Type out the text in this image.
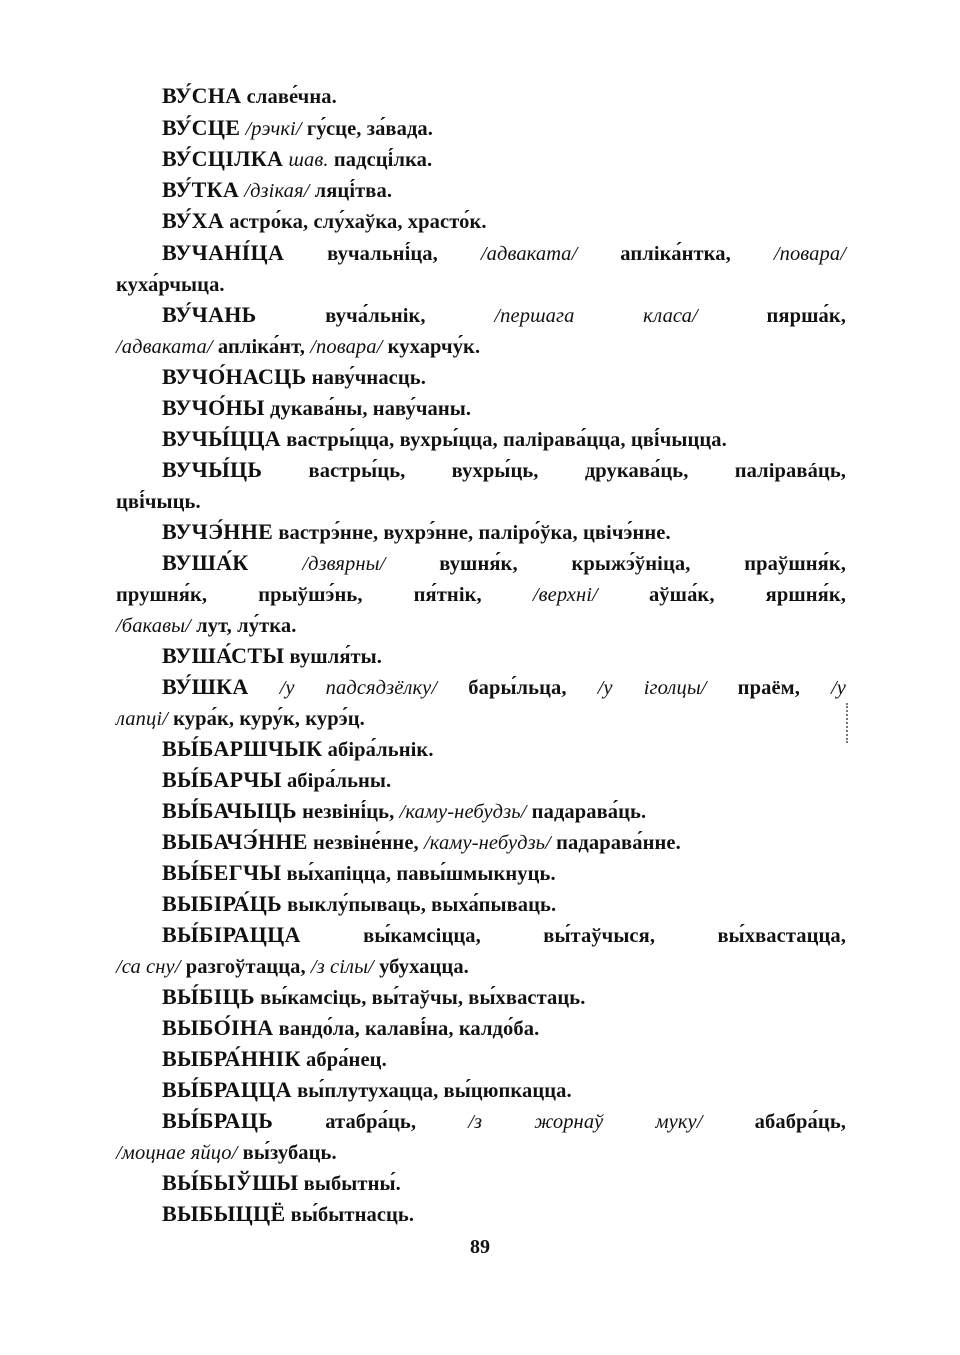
ВУ́СНА славе́чна.
ВУ́СЦЕ /рэчкі/ гу́сце, за́вада.
ВУ́СЦІЛКА шав. падсці́лка.
ВУ́ТКА /дзікая/ ляці́тва.
ВУ́ХА астро́ка, слу́хаўка, храсто́к.
ВУЧАНІ́ЦА вучальні́ца, /адвакатa/ апліка́нтка, /повара/
куха́рчыца.
ВУ́ЧАНЬ вуча́льнік, /першага класа/ пярша́к,
/адваката/ апліка́нт, /повара/ кухарчу́к.
ВУЧО́НАСЦЬ наву́чнасць.
ВУЧО́НЫ дукава́ны, наву́чаны.
ВУЧЫ́ЦЦА вастры́цца, вухры́цца, палірава́цца, цві́чыцца.
ВУЧЫ́ЦЬ вастры́ць, вухры́ць, друкава́ць, паліравáць,
цві́чыць.
ВУЧЭ́ННЕ вастрэ́нне, вухрэ́нне, паліро́ўка, цвічэ́нне.
ВУША́К /дзвярны/ вушня́к, крыжэ́ўніца, праўшня́к,
прушня́к, прыўшэ́нь, пя́тнік, /верхні/ аўша́к, яршня́к,
/бакавы/ лут, лу́тка.
ВУША́СТЫ вушля́ты.
ВУ́ШКА /у падсядзёлку/ бары́льца, /у іголцы/ праём, /у
лапці/ кура́к, куру́к, курэ́ц.
ВЫ́БАРШЧЫК абіра́льнік.
ВЫ́БАРЧЫ абіра́льны.
ВЫ́БАЧЫЦЬ незвіні́ць, /каму-небудзь/ падарава́ць.
ВЫБАЧЭ́ННЕ незвіне́нне, /каму-небудзь/ падарава́нне.
ВЫ́БЕГЧЫ вы́хапіцца, павы́шмыкнуць.
ВЫБІРА́ЦЬ выклу́пываць, выха́пываць.
ВЫ́БІРАЦЦА вы́камсіцца, вы́таўчыся, вы́хвастацца,
/са сну/ разгоўтацца, /з сілы/ убухацца.
ВЫ́БІЦЬ вы́камсіць, вы́таўчы, вы́хвастаць.
ВЫБО́ІНА вандо́ла, калаві́на, калдо́ба.
ВЫБРА́ННІК абра́нец.
ВЫ́БРАЦЦА вы́плутухацца, вы́цюпкацца.
ВЫ́БРАЦЬ атабра́ць, /з жорнаў муку/ абабра́ць,
/моцнае яйцо/ вы́зубаць.
ВЫ́БЫЎШЫ выбытны́.
ВЫБЫЦЦЁ вы́бытнасць.
89
